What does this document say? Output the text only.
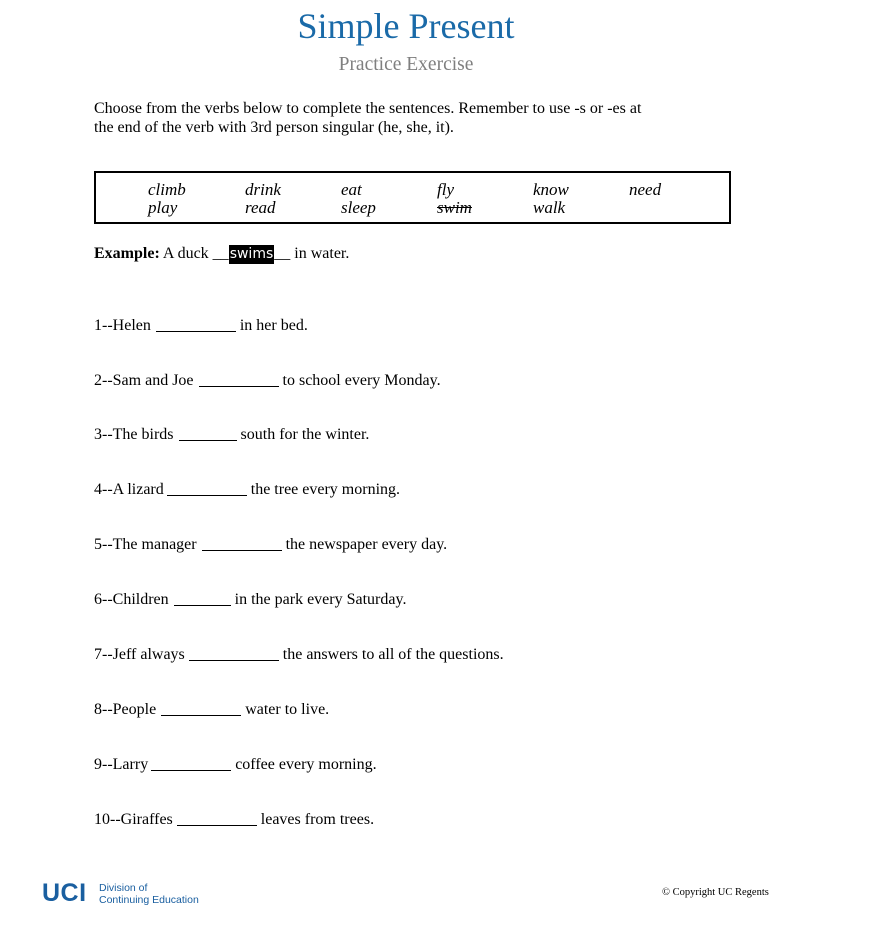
Simple Present
Practice Exercise
Choose from the verbs below to complete the sentences. Remember to use -s or -es at
the end of the verb with 3rd person singular (he, she, it).
climb	drink	eat	fly	know	need
play	read	sleep	swim	walk
Example: A duck __swims__ in water.
1--Helen	in her bed.
2--Sam and Joe	to school every Monday.
3--The birds	south for the winter.
4--A lizard	the tree every morning.
5--The manager	the newspaper every day.
6--Children	in the park every Saturday.
7--Jeff always	the answers to all of the questions.
8--People	water to live.
9--Larry	coffee every morning.
10--Giraffes	leaves from trees.
UCI Division of
Continuing Education
© Copyright UC Regents
